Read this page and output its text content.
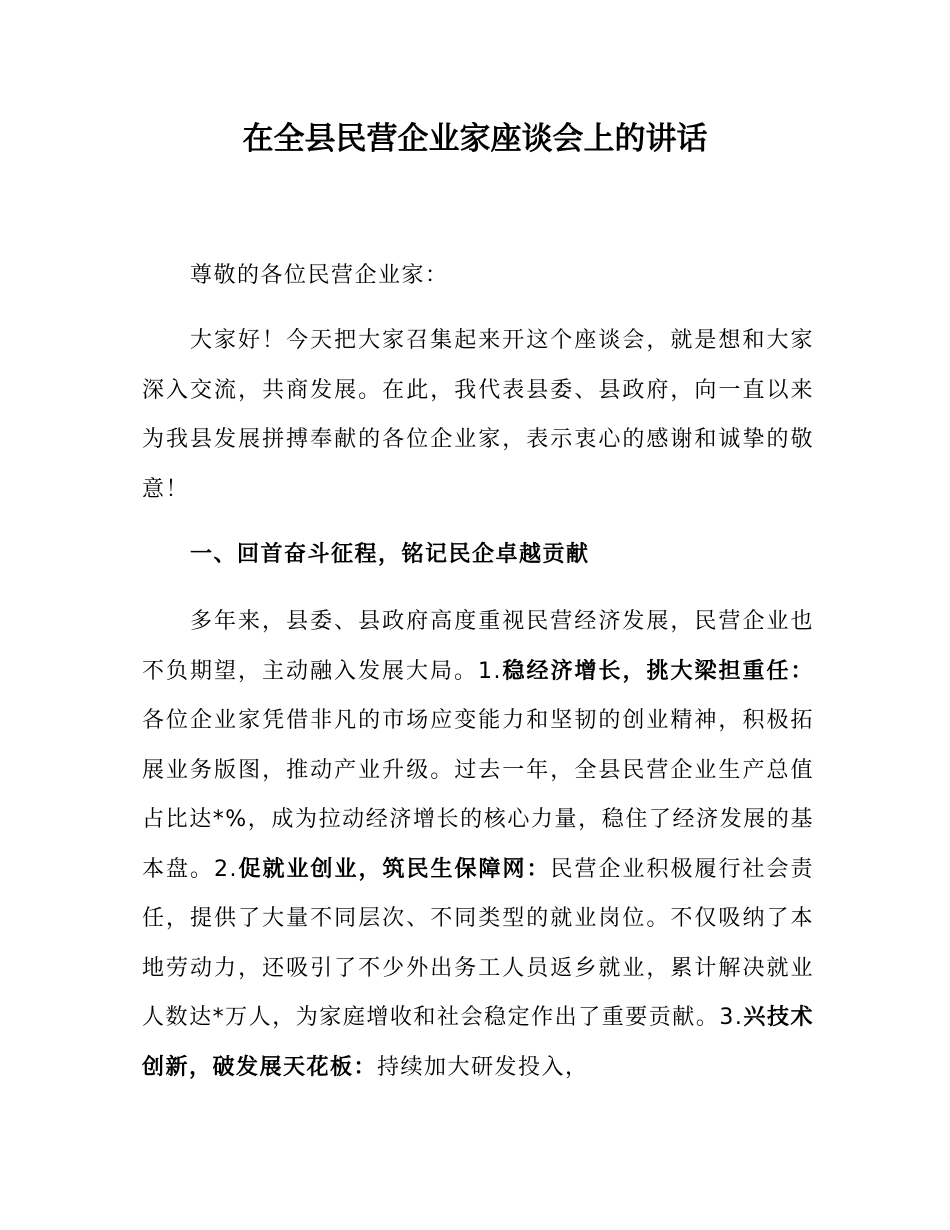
在全县民营企业家座谈会上的讲话

尊敬的各位民营企业家：

大家好！今天把大家召集起来开这个座谈会，就是想和大家深入交流，共商发展。在此，我代表县委、县政府，向一直以来为我县发展拼搏奉献的各位企业家，表示衷心的感谢和诚挚的敬意！

一、回首奋斗征程，铭记民企卓越贡献

多年来，县委、县政府高度重视民营经济发展，民营企业也不负期望，主动融入发展大局。1.稳经济增长，挑大梁担重任：各位企业家凭借非凡的市场应变能力和坚韧的创业精神，积极拓展业务版图，推动产业升级。过去一年，全县民营企业生产总值占比达*%，成为拉动经济增长的核心力量，稳住了经济发展的基本盘。2.促就业创业，筑民生保障网：民营企业积极履行社会责任，提供了大量不同层次、不同类型的就业岗位。不仅吸纳了本地劳动力，还吸引了不少外出务工人员返乡就业，累计解决就业人数达*万人，为家庭增收和社会稳定作出了重要贡献。3.兴技术创新，破发展天花板：持续加大研发投入，
